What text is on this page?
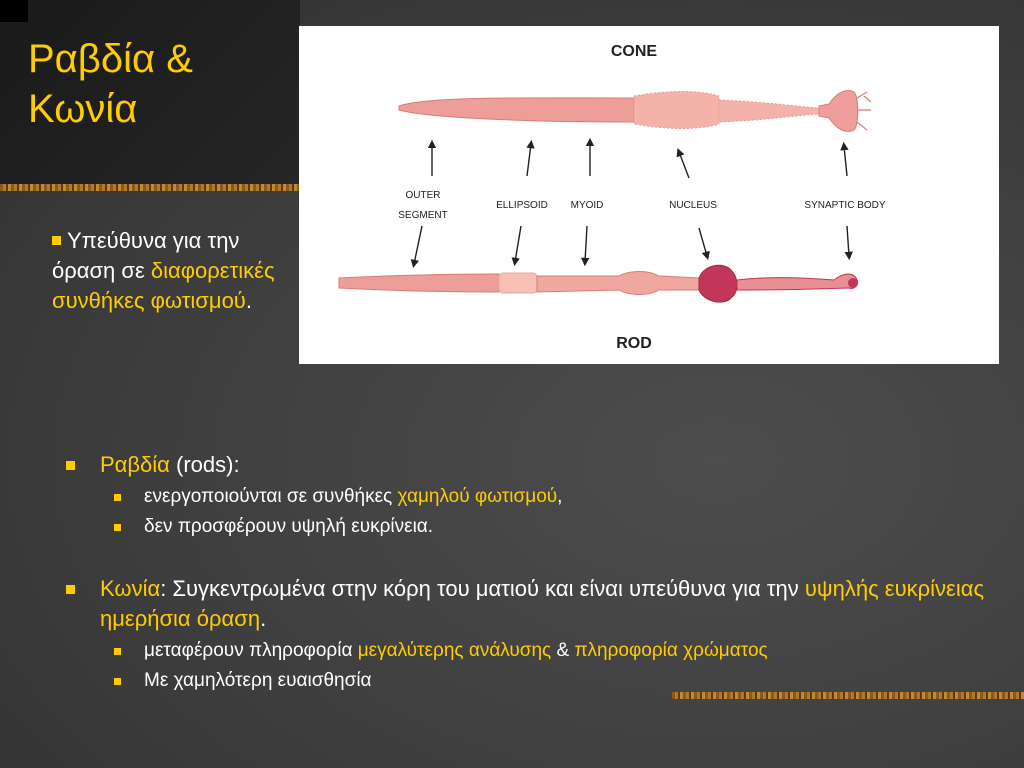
Ραβδία &
Κωνία
Υπεύθυνα για την όραση σε διαφορετικές συνθήκες φωτισμού.
CONE
OUTER
SEGMENT
ELLIPSOID MYOID	NUCLEUS	SYNAPTIC BODY
ROD
Ραβδία (rods):
ενεργοποιούνται σε συνθήκες χαμηλού φωτισμού,
δεν προσφέρουν υψηλή ευκρίνεια.
Κωνία: Συγκεντρωμένα στην κόρη του ματιού και είναι υπεύθυνα για την υψηλής ευκρίνειας ημερήσια όραση.
μεταφέρουν πληροφορία μεγαλύτερης ανάλυσης & πληροφορία χρώματος
Με χαμηλότερη ευαισθησία
